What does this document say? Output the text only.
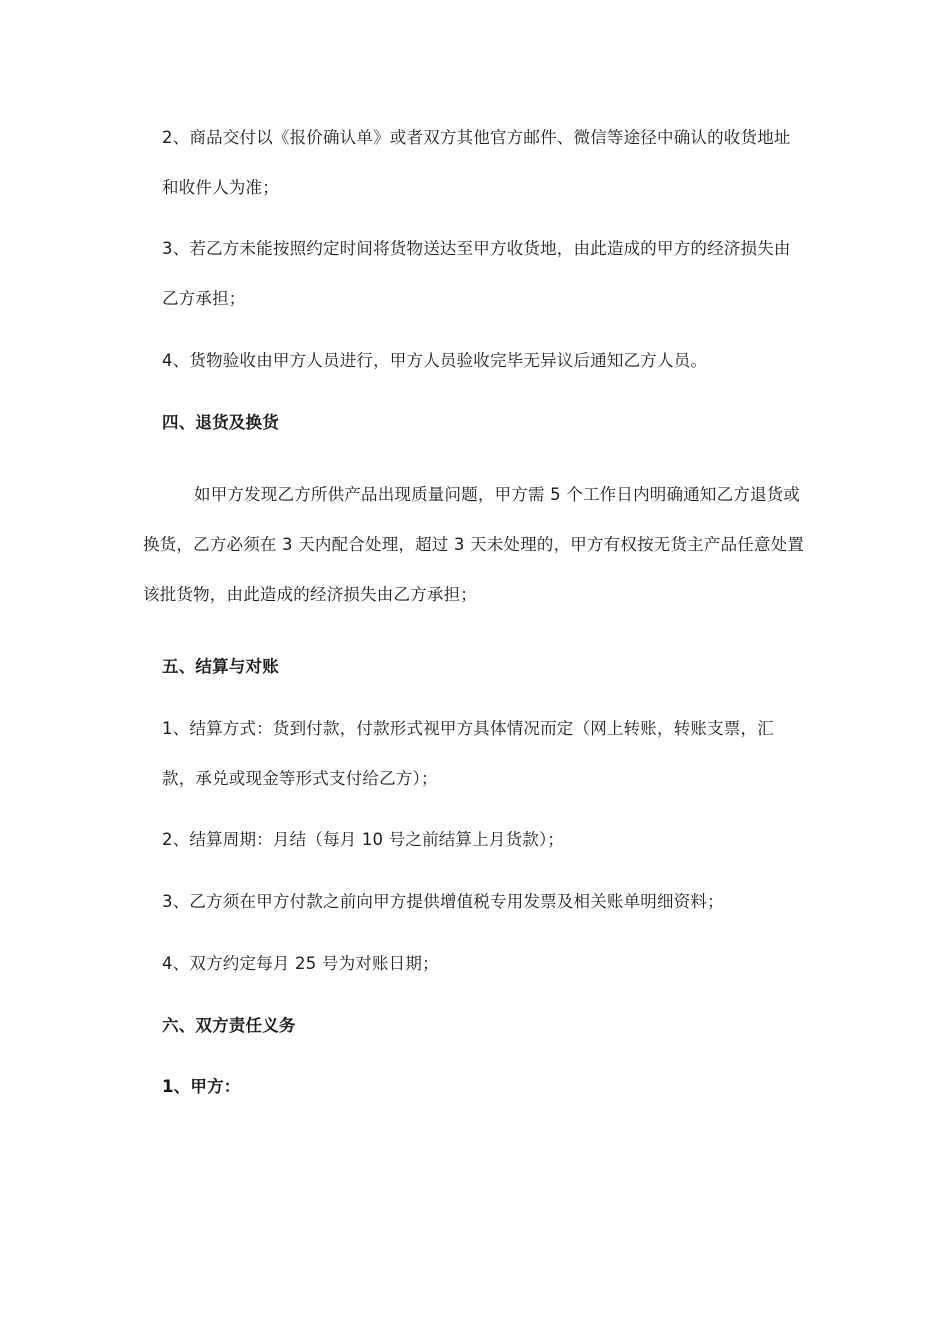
2、商品交付以《报价确认单》或者双方其他官方邮件、微信等途径中确认的收货地址
和收件人为准；
3、若乙方未能按照约定时间将货物送达至甲方收货地，由此造成的甲方的经济损失由
乙方承担；
4、货物验收由甲方人员进行，甲方人员验收完毕无异议后通知乙方人员。
四、退货及换货
如甲方发现乙方所供产品出现质量问题，甲方需 5 个工作日内明确通知乙方退货或
换货，乙方必须在 3 天内配合处理，超过 3 天未处理的，甲方有权按无货主产品任意处置
该批货物，由此造成的经济损失由乙方承担；
五、结算与对账
1、结算方式：货到付款，付款形式视甲方具体情况而定（网上转账，转账支票，汇
款，承兑或现金等形式支付给乙方）；
2、结算周期：月结（每月 10 号之前结算上月货款）；
3、乙方须在甲方付款之前向甲方提供增值税专用发票及相关账单明细资料；
4、双方约定每月 25 号为对账日期；
六、双方责任义务
1、甲方：
